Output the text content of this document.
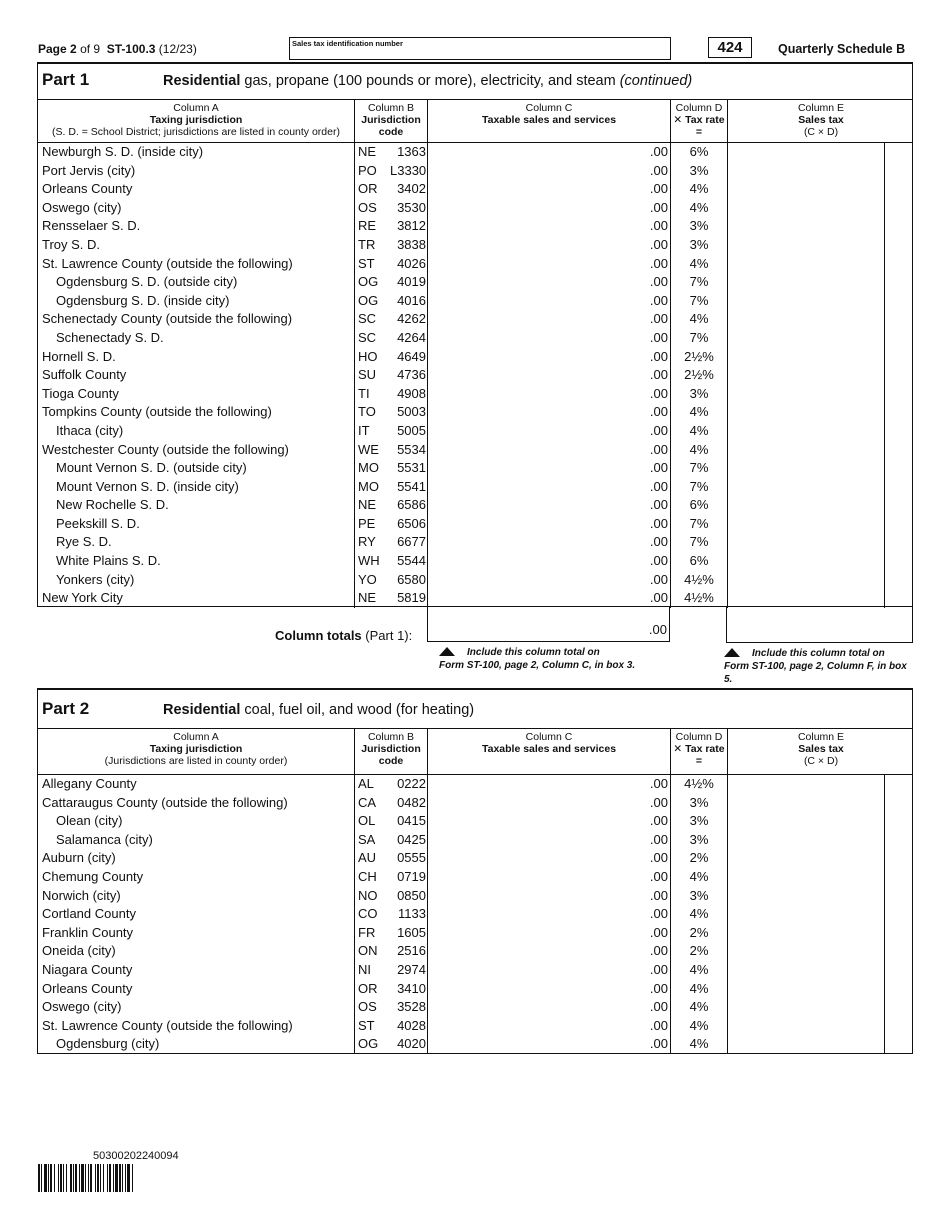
Page 2 of 9 ST-100.3 (12/23)	Sales tax identification number	424	Quarterly Schedule B
Part 1	Residential gas, propane (100 pounds or more), electricity, and steam (continued)
Column A
Taxing jurisdiction
(S. D. = School District; jurisdictions are listed in county order)
Column B
Jurisdiction
code
Column C
Taxable sales and services
Column D
✕ Tax rate =
Column E
Sales tax
(C × D)
Newburgh S. D. (inside city)	NE	1363	.00	6%
Port Jervis (city)	PO L3330	.00	3%
Orleans County	OR	3402	.00	4%
Oswego (city)	OS	3530	.00	4%
Rensselaer S. D.	RE	3812	.00	3%
Troy S. D.	TR	3838	.00	3%
St. Lawrence County (outside the following)	ST	4026	.00	4%
Ogdensburg S. D. (outside city)	OG	4019	.00	7%
Ogdensburg S. D. (inside city)	OG	4016	.00	7%
Schenectady County (outside the following)	SC	4262	.00	4%
Schenectady S. D.	SC	4264	.00	7%
Hornell S. D.	HO	4649	.00	2½%
Suffolk County	SU	4736	.00	2½%
Tioga County	TI	4908	.00	3%
Tompkins County (outside the following)	TO	5003	.00	4%
Ithaca (city)	IT	5005	.00	4%
Westchester County (outside the following)	WE	5534	.00	4%
Mount Vernon S. D. (outside city)	MO	5531	.00	7%
Mount Vernon S. D. (inside city)	MO	5541	.00	7%
New Rochelle S. D.	NE	6586	.00	6%
Peekskill S. D.	PE	6506	.00	7%
Rye S. D.	RY	6677	.00	7%
White Plains S. D.	WH	5544	.00	6%
Yonkers (city)	YO	6580	.00	4½%
New York City	NE	5819	.00	4½%
Column totals (Part 1):	.00
Include this column total on
Form ST-100, page 2, Column C, in box 3.
Include this column total on
Form ST-100, page 2, Column F, in box 5.
Part 2	Residential coal, fuel oil, and wood (for heating)
Column A
Taxing jurisdiction
(Jurisdictions are listed in county order)
Column B
Jurisdiction
code
Column C
Taxable sales and services
Column D
✕ Tax rate =
Column E
Sales tax
(C × D)
Allegany County	AL	0222	.00	4½%
Cattaraugus County (outside the following)	CA	0482	.00	3%
Olean (city)	OL	0415	.00	3%
Salamanca (city)	SA	0425	.00	3%
Auburn (city)	AU	0555	.00	2%
Chemung County	CH	0719	.00	4%
Norwich (city)	NO	0850	.00	3%
Cortland County	CO	1133	.00	4%
Franklin County	FR	1605	.00	2%
Oneida (city)	ON	2516	.00	2%
Niagara County	NI	2974	.00	4%
Orleans County	OR	3410	.00	4%
Oswego (city)	OS	3528	.00	4%
St. Lawrence County (outside the following)	ST	4028	.00	4%
Ogdensburg (city)	OG	4020	.00	4%
50300202240094
